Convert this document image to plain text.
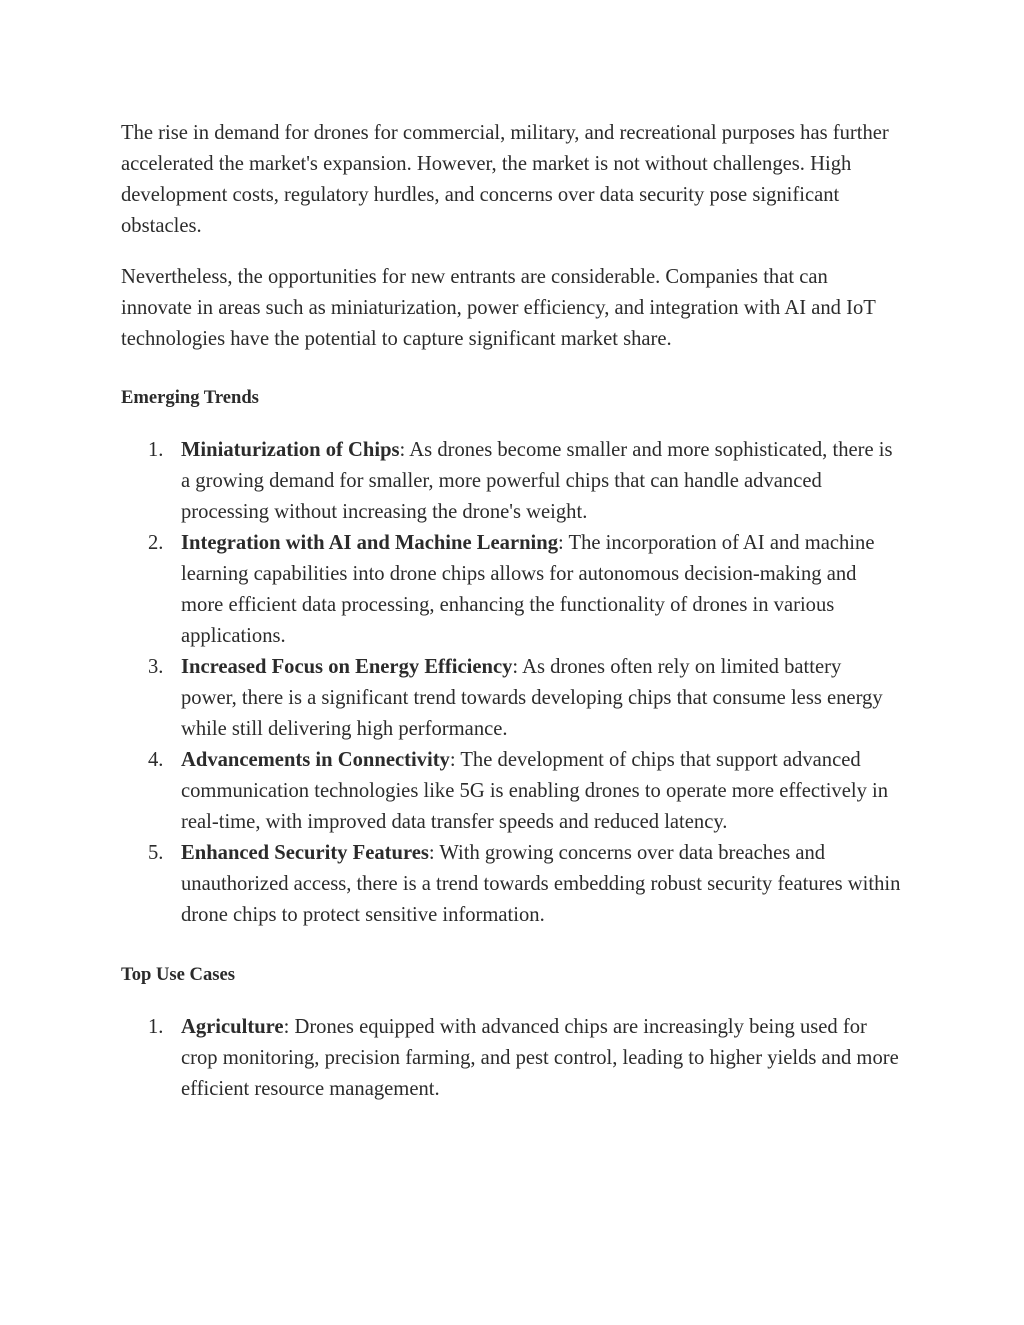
The rise in demand for drones for commercial, military, and recreational purposes has further accelerated the market's expansion. However, the market is not without challenges. High development costs, regulatory hurdles, and concerns over data security pose significant obstacles.

Nevertheless, the opportunities for new entrants are considerable. Companies that can innovate in areas such as miniaturization, power efficiency, and integration with AI and IoT technologies have the potential to capture significant market share.

Emerging Trends
1. Miniaturization of Chips: As drones become smaller and more sophisticated, there is a growing demand for smaller, more powerful chips that can handle advanced processing without increasing the drone's weight.
2. Integration with AI and Machine Learning: The incorporation of AI and machine learning capabilities into drone chips allows for autonomous decision-making and more efficient data processing, enhancing the functionality of drones in various applications.
3. Increased Focus on Energy Efficiency: As drones often rely on limited battery power, there is a significant trend towards developing chips that consume less energy while still delivering high performance.
4. Advancements in Connectivity: The development of chips that support advanced communication technologies like 5G is enabling drones to operate more effectively in real-time, with improved data transfer speeds and reduced latency.
5. Enhanced Security Features: With growing concerns over data breaches and unauthorized access, there is a trend towards embedding robust security features within drone chips to protect sensitive information.
Top Use Cases
1. Agriculture: Drones equipped with advanced chips are increasingly being used for crop monitoring, precision farming, and pest control, leading to higher yields and more efficient resource management.
